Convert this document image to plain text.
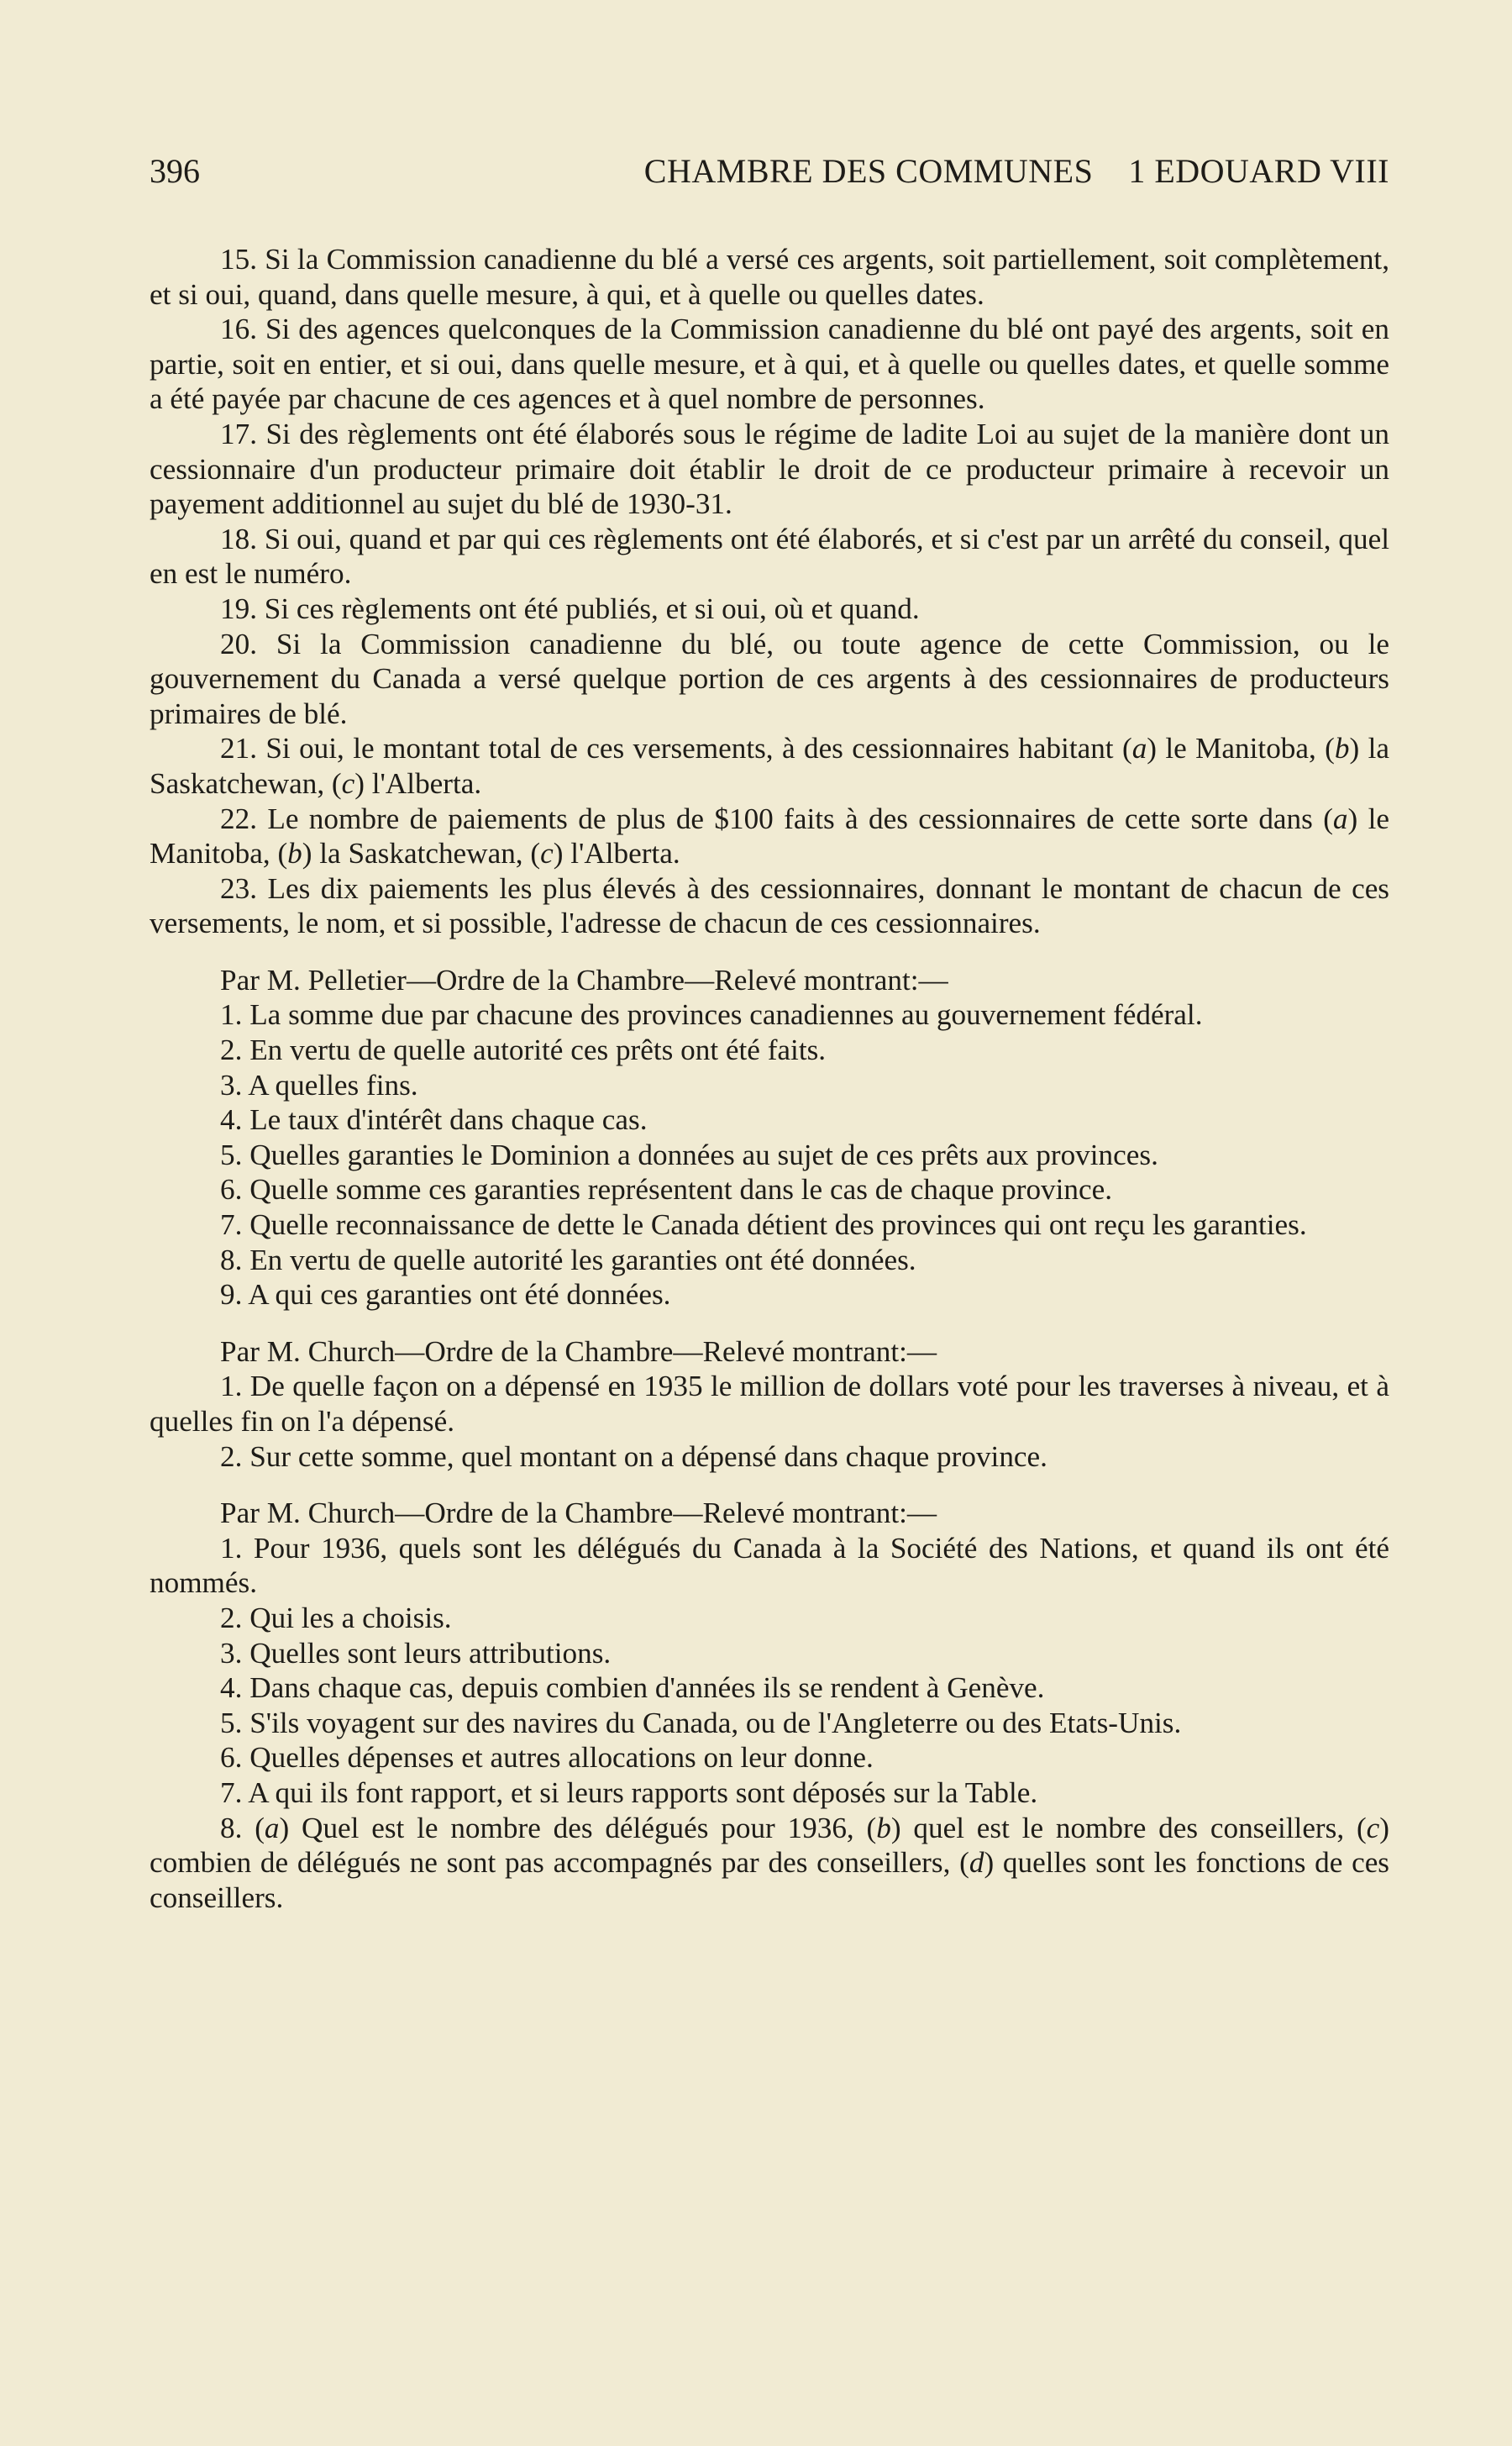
396	CHAMBRE DES COMMUNES    1 EDOUARD VIII

15. Si la Commission canadienne du blé a versé ces argents, soit partiellement, soit complètement, et si oui, quand, dans quelle mesure, à qui, et à quelle ou quelles dates.

16. Si des agences quelconques de la Commission canadienne du blé ont payé des argents, soit en partie, soit en entier, et si oui, dans quelle mesure, et à qui, et à quelle ou quelles dates, et quelle somme a été payée par chacune de ces agences et à quel nombre de personnes.

17. Si des règlements ont été élaborés sous le régime de ladite Loi au sujet de la manière dont un cessionnaire d'un producteur primaire doit établir le droit de ce producteur primaire à recevoir un payement additionnel au sujet du blé de 1930-31.

18. Si oui, quand et par qui ces règlements ont été élaborés, et si c'est par un arrêté du conseil, quel en est le numéro.

19. Si ces règlements ont été publiés, et si oui, où et quand.

20. Si la Commission canadienne du blé, ou toute agence de cette Commission, ou le gouvernement du Canada a versé quelque portion de ces argents à des cessionnaires de producteurs primaires de blé.

21. Si oui, le montant total de ces versements, à des cessionnaires habitant (a) le Manitoba, (b) la Saskatchewan, (c) l'Alberta.

22. Le nombre de paiements de plus de $100 faits à des cessionnaires de cette sorte dans (a) le Manitoba, (b) la Saskatchewan, (c) l'Alberta.

23. Les dix paiements les plus élevés à des cessionnaires, donnant le montant de chacun de ces versements, le nom, et si possible, l'adresse de chacun de ces cessionnaires.

Par M. Pelletier—Ordre de la Chambre—Relevé montrant:—

1. La somme due par chacune des provinces canadiennes au gouvernement fédéral.

2. En vertu de quelle autorité ces prêts ont été faits.

3. A quelles fins.

4. Le taux d'intérêt dans chaque cas.

5. Quelles garanties le Dominion a données au sujet de ces prêts aux provinces.

6. Quelle somme ces garanties représentent dans le cas de chaque province.

7. Quelle reconnaissance de dette le Canada détient des provinces qui ont reçu les garanties.

8. En vertu de quelle autorité les garanties ont été données.

9. A qui ces garanties ont été données.

Par M. Church—Ordre de la Chambre—Relevé montrant:—

1. De quelle façon on a dépensé en 1935 le million de dollars voté pour les traverses à niveau, et à quelles fin on l'a dépensé.

2. Sur cette somme, quel montant on a dépensé dans chaque province.

Par M. Church—Ordre de la Chambre—Relevé montrant:—

1. Pour 1936, quels sont les délégués du Canada à la Société des Nations, et quand ils ont été nommés.

2. Qui les a choisis.

3. Quelles sont leurs attributions.

4. Dans chaque cas, depuis combien d'années ils se rendent à Genève.

5. S'ils voyagent sur des navires du Canada, ou de l'Angleterre ou des Etats-Unis.

6. Quelles dépenses et autres allocations on leur donne.

7. A qui ils font rapport, et si leurs rapports sont déposés sur la Table.

8. (a) Quel est le nombre des délégués pour 1936, (b) quel est le nombre des conseillers, (c) combien de délégués ne sont pas accompagnés par des conseillers, (d) quelles sont les fonctions de ces conseillers.
